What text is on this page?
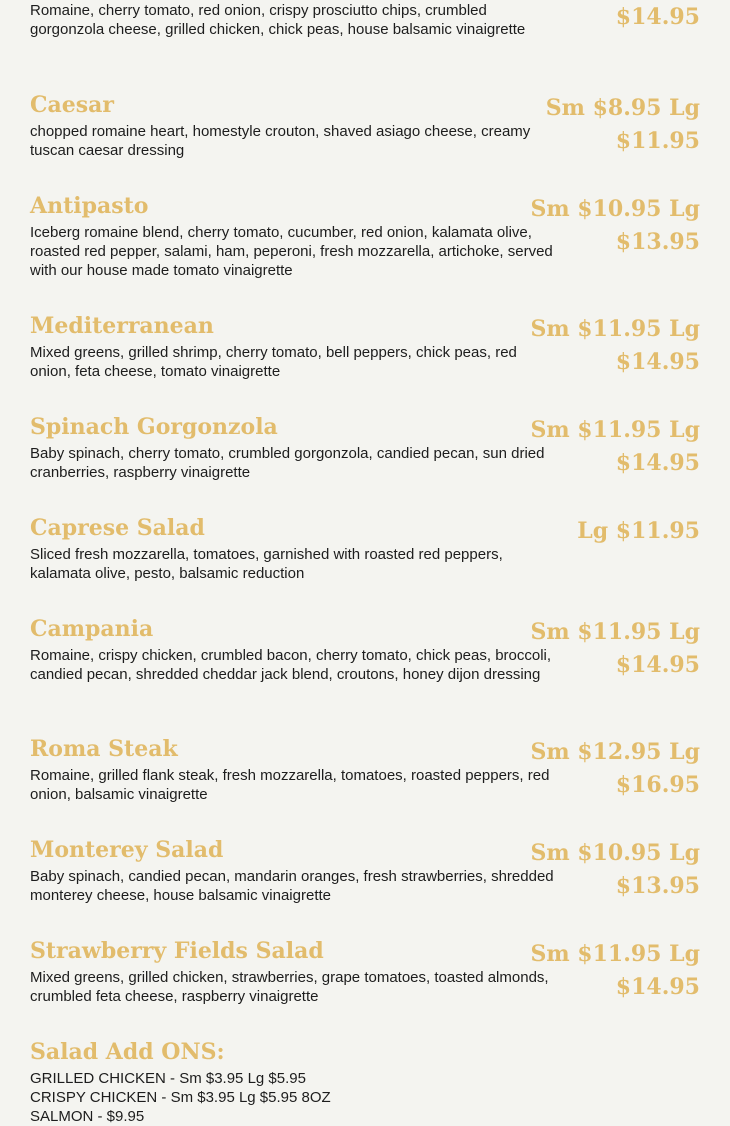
Romaine, cherry tomato, red onion, crispy prosciutto chips, crumbled gorgonzola cheese, grilled chicken, chick peas, house balsamic vinaigrette	$14.95
Caesar
chopped romaine heart, homestyle crouton, shaved asiago cheese, creamy tuscan caesar dressing
Sm $8.95 Lg $11.95
Antipasto
Iceberg romaine blend, cherry tomato, cucumber, red onion, kalamata olive, roasted red pepper, salami, ham, peperoni, fresh mozzarella, artichoke, served with our house made tomato vinaigrette
Sm $10.95 Lg $13.95
Mediterranean
Mixed greens, grilled shrimp, cherry tomato, bell peppers, chick peas, red onion, feta cheese, tomato vinaigrette
Sm $11.95 Lg $14.95
Spinach Gorgonzola
Baby spinach, cherry tomato, crumbled gorgonzola, candied pecan, sun dried cranberries, raspberry vinaigrette
Sm $11.95 Lg $14.95
Caprese Salad
Sliced fresh mozzarella, tomatoes, garnished with roasted red peppers, kalamata olive, pesto, balsamic reduction
Lg $11.95
Campania
Romaine, crispy chicken, crumbled bacon, cherry tomato, chick peas, broccoli, candied pecan, shredded cheddar jack blend, croutons, honey dijon dressing
Sm $11.95 Lg $14.95
Roma Steak
Romaine, grilled flank steak, fresh mozzarella, tomatoes, roasted peppers, red onion, balsamic vinaigrette
Sm $12.95 Lg $16.95
Monterey Salad
Baby spinach, candied pecan, mandarin oranges, fresh strawberries, shredded monterey cheese, house balsamic vinaigrette
Sm $10.95 Lg $13.95
Strawberry Fields Salad
Mixed greens, grilled chicken, strawberries, grape tomatoes, toasted almonds, crumbled feta cheese, raspberry vinaigrette
Sm $11.95 Lg $14.95
Salad Add ONS:
GRILLED CHICKEN - Sm $3.95 Lg $5.95
CRISPY CHICKEN - Sm $3.95 Lg $5.95 8OZ
SALMON - $9.95
